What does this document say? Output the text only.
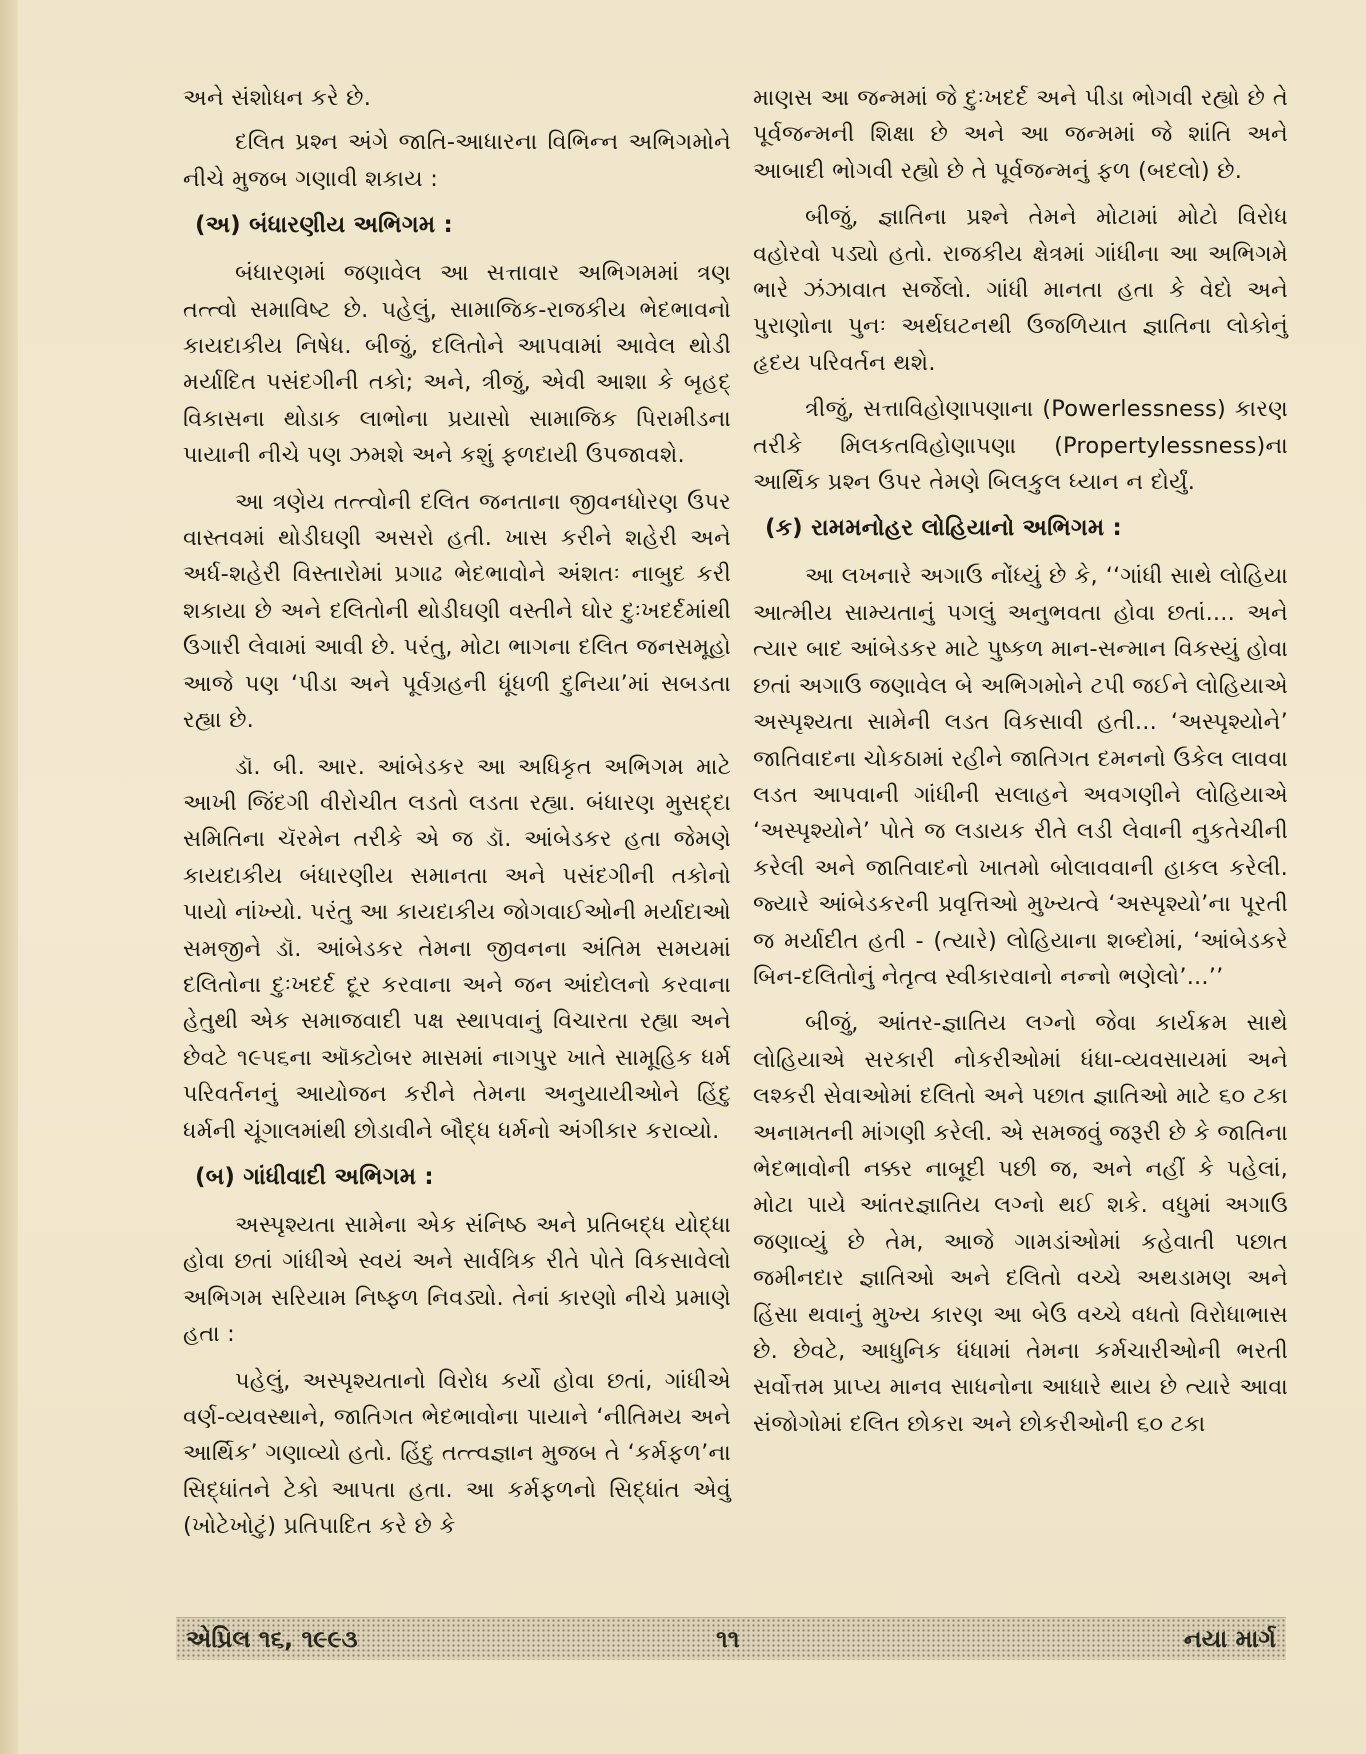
અને સંશોધન કરે છે.

દલિત પ્રશ્ન અંગે જાતિ-આધારના વિભિન્ન અભિગમોને નીચે મુજબ ગણાવી શકાય :

(અ) બંધારણીય અભિગમ :

બંધારણમાં જણાવેલ આ સત્તાવાર અભિગમમાં ત્રણ તત્ત્વો સમાવિષ્ટ છે. પહેલું, સામાજિક-રાજકીય ભેદભાવનો કાયદાકીય નિષેધ. બીજું, દલિતોને આપવામાં આવેલ થોડી મર્યાદિત પસંદગીની તકો; અને, ત્રીજું, એવી આશા કે બૃહદ્ વિકાસના થોડાક લાભોના પ્રયાસો સામાજિક પિરામીડના પાયાની નીચે પણ ઝમશે અને કશું ફળદાયી ઉપજાવશે.

આ ત્રણેય તત્ત્વોની દલિત જનતાના જીવનધોરણ ઉપર વાસ્તવમાં થોડીઘણી અસરો હતી. ખાસ કરીને શહેરી અને અર્ધ-શહેરી વિસ્તારોમાં પ્રગાઢ ભેદભાવોને અંશતઃ નાબુદ કરી શકાયા છે અને દલિતોની થોડીઘણી વસ્તીને ઘોર દુઃખદર્દમાંથી ઉગારી લેવામાં આવી છે. પરંતુ, મોટા ભાગના દલિત જનસમૂહો આજે પણ ‘પીડા અને પૂર્વગ્રહની ધૂંધળી દુનિયા’માં સબડતા રહ્યા છે.

ડૉ. બી. આર. આંબેડકર આ અધિકૃત અભિગમ માટે આખી જિંદગી વીરોચીત લડતો લડતા રહ્યા. બંધારણ મુસદ્દા સમિતિના ચૅરમેન તરીકે એ જ ડૉ. આંબેડકર હતા જેમણે કાયદાકીય બંધારણીય સમાનતા અને પસંદગીની તકોનો પાયો નાંખ્યો. પરંતુ આ કાયદાકીય જોગવાઈઓની મર્યાદાઓ સમજીને ડૉ. આંબેડકર તેમના જીવનના અંતિમ સમયમાં દલિતોના દુઃખદર્દ દૂર કરવાના અને જન આંદોલનો કરવાના હેતુથી એક સમાજવાદી પક્ષ સ્થાપવાનું વિચારતા રહ્યા અને છેવટે ૧૯૫૬ના ઑક્ટોબર માસમાં નાગપુર ખાતે સામૂહિક ધર્મ પરિવર્તનનું આયોજન કરીને તેમના અનુયાયીઓને હિંદુ ધર્મની ચૂંગાલમાંથી છોડાવીને બૌદ્ધ ધર્મનો અંગીકાર કરાવ્યો.

(બ) ગાંધીવાદી અભિગમ :

અસ્પૃશ્યતા સામેના એક સંનિષ્ઠ અને પ્રતિબદ્ધ યોદ્ધા હોવા છતાં ગાંધીએ સ્વયં અને સાર્વત્રિક રીતે પોતે વિકસાવેલો અભિગમ સરિયામ નિષ્ફળ નિવડ્યો. તેનાં કારણો નીચે પ્રમાણે હતા :

પહેલું, અસ્પૃશ્યતાનો વિરોધ કર્યો હોવા છતાં, ગાંધીએ વર્ણ-વ્યવસ્થાને, જાતિગત ભેદભાવોના પાયાને ‘નીતિમય અને આર્થિક’ ગણાવ્યો હતો. હિંદુ તત્ત્વજ્ઞાન મુજબ તે ‘કર્મફળ’ના સિદ્ધાંતને ટેકો આપતા હતા. આ કર્મફળનો સિદ્ધાંત એવું (ખોટેખોટું) પ્રતિપાદિત કરે છે કે

માણસ આ જન્મમાં જે દુઃખદર્દ અને પીડા ભોગવી રહ્યો છે તે પૂર્વજન્મની શિક્ષા છે અને આ જન્મમાં જે શાંતિ અને આબાદી ભોગવી રહ્યો છે તે પૂર્વજન્મનું ફળ (બદલો) છે.

બીજું, જ્ઞાતિના પ્રશ્ને તેમને મોટામાં મોટો વિરોધ વહોરવો પડ્યો હતો. રાજકીય ક્ષેત્રમાં ગાંધીના આ અભિગમે ભારે ઝંઝાવાત સર્જેલો. ગાંધી માનતા હતા કે વેદો અને પુરાણોના પુનઃ અર્થઘટનથી ઉજળિયાત જ્ઞાતિના લોકોનું હૃદય પરિવર્તન થશે.

ત્રીજું, સત્તાવિહોણાપણાના (Powerlessness) કારણ તરીકે મિલકતવિહોણાપણા (Propertylessness)ના આર્થિક પ્રશ્ન ઉપર તેમણે બિલકુલ ધ્યાન ન દોર્યું.

(ક) રામમનોહર લોહિયાનો અભિગમ :

આ લખનારે અગાઉ નોંધ્યું છે કે, ‘‘ગાંધી સાથે લોહિયા આત્મીય સામ્યતાનું પગલું અનુભવતા હોવા છતાં.... અને ત્યાર બાદ આંબેડકર માટે પુષ્કળ માન-સન્માન વિકસ્યું હોવા છતાં અગાઉ જણાવેલ બે અભિગમોને ટપી જઈને લોહિયાએ અસ્પૃશ્યતા સામેની લડત વિકસાવી હતી... ‘અસ્પૃશ્યોને’ જાતિવાદના ચોકઠામાં રહીને જાતિગત દમનનો ઉકેલ લાવવા લડત આપવાની ગાંધીની સલાહને અવગણીને લોહિયાએ ‘અસ્પૃશ્યોને’ પોતે જ લડાયક રીતે લડી લેવાની નુકતેચીની કરેલી અને જાતિવાદનો ખાતમો બોલાવવાની હાકલ કરેલી. જ્યારે આંબેડકરની પ્રવૃત્તિઓ મુખ્યત્વે ‘અસ્પૃશ્યો’ના પૂરતી જ મર્યાદીત હતી - (ત્યારે) લોહિયાના શબ્દોમાં, ‘આંબેડકરે બિન-દલિતોનું નેતૃત્વ સ્વીકારવાનો નન્નો ભણેલો’...’’

બીજું, આંતર-જ્ઞાતિય લગ્નો જેવા કાર્યક્રમ સાથે લોહિયાએ સરકારી નોકરીઓમાં ધંધા-વ્યવસાયમાં અને લશ્કરી સેવાઓમાં દલિતો અને પછાત જ્ઞાતિઓ માટે ૬૦ ટકા અનામતની માંગણી કરેલી. એ સમજવું જરૂરી છે કે જાતિના ભેદભાવોની નક્કર નાબૂદી પછી જ, અને નહીં કે પહેલાં, મોટા પાયે આંતરજ્ઞાતિય લગ્નો થઈ શકે. વધુમાં અગાઉ જણાવ્યું છે તેમ, આજે ગામડાંઓમાં કહેવાતી પછાત જમીનદાર જ્ઞાતિઓ અને દલિતો વચ્ચે અથડામણ અને હિંસા થવાનું મુખ્ય કારણ આ બેઉ વચ્ચે વધતો વિરોધાભાસ છે. છેવટે, આધુનિક ધંધામાં તેમના કર્મચારીઓની ભરતી સર્વોત્તમ પ્રાપ્ય માનવ સાધનોના આધારે થાય છે ત્યારે આવા સંજોગોમાં દલિત છોકરા અને છોકરીઓની ૬૦ ટકા

એપ્રિલ ૧૬, ૧૯૯૩	૧૧	નયા માર્ગ
